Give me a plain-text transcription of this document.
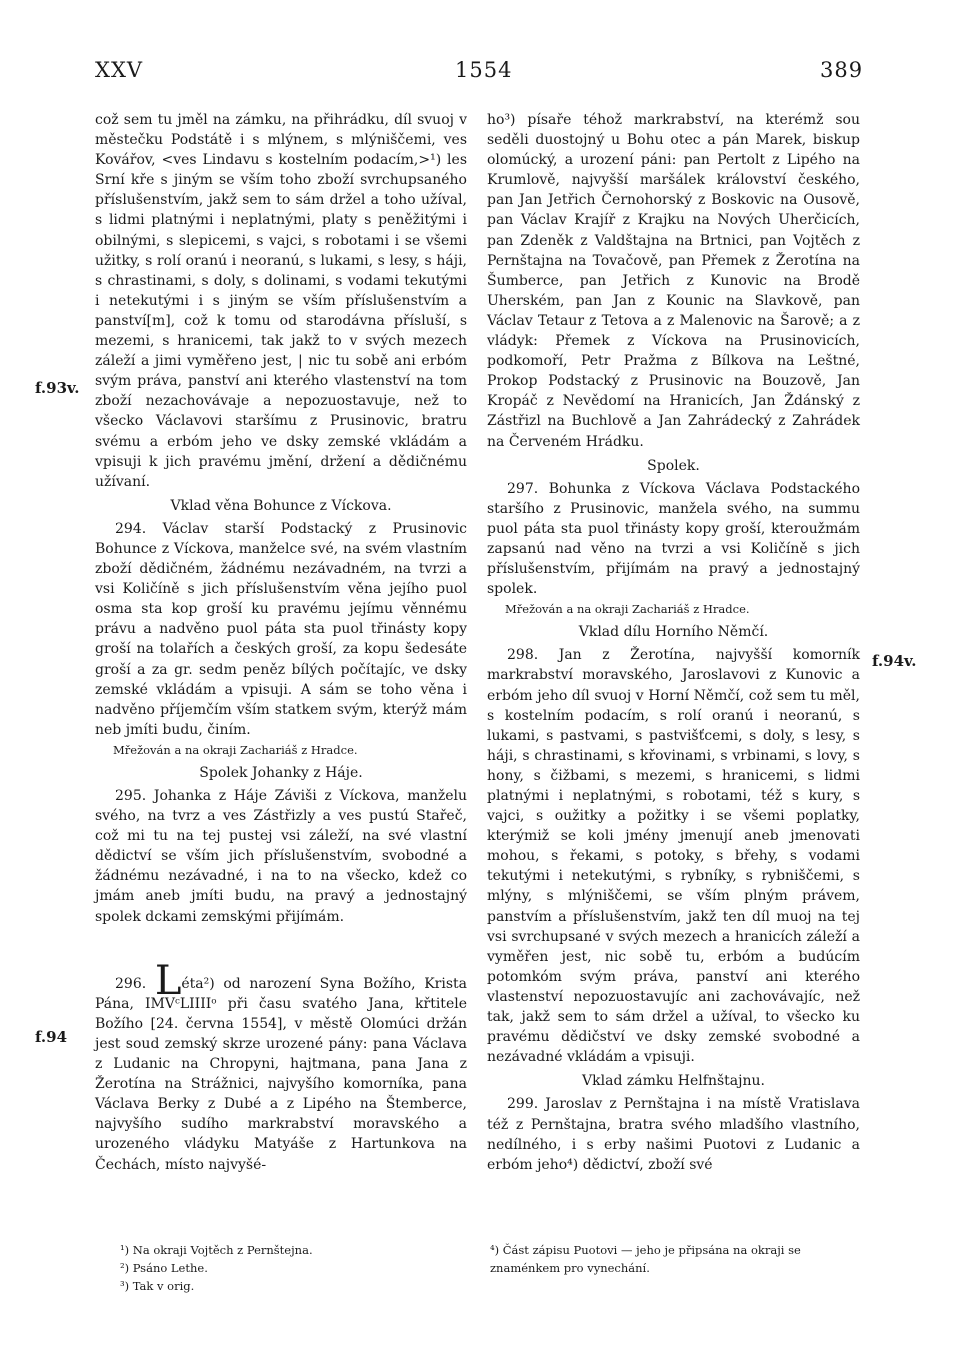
XXV	1554	389
f.93v.
f.94
f.94v.

což sem tu jměl na zámku, na přihrádku, díl svuoj v městečku Podstátě i s mlýnem, s mlýniščemi, ves Kovářov, <ves Lindavu s kostelním podacím,>¹) les Srní kře s jiným se vším toho zboží svrchupsaného příslušenstvím, jakž sem to sám držel a toho užíval, s lidmi platnými i neplatnými, platy s peněžitými i obilnými, s slepicemi, s vajci, s robotami i se všemi užitky, s rolí oranú i neoranú, s lukami, s lesy, s háji, s chrastinami, s doly, s dolinami, s vodami tekutými i netekutými i s jiným se vším příslušenstvím a panství[m], což k tomu od starodávna přísluší, s mezemi, s hranicemi, tak jakž to v svých mezech záleží a jimi vyměřeno jest, | nic tu sobě ani erbóm svým práva, panství ani kterého vlastenství na tom zboží nezachovávaje a nepozuostavuje, než to všecko Václavovi staršímu z Prusinovic, bratru svému a erbóm jeho ve dsky zemské vkládám a vpisuji k jich pravému jmění, držení a dědičnému užívaní.

Vklad věna Bohunce z Víckova.

294. Václav starší Podstacký z Prusinovic Bohunce z Víckova, manželce své, na svém vlastním zboží dědičném, žádnému nezávadném, na tvrzi a vsi Količíně s jich příslušenstvím věna jejího puol osma sta kop groší ku pravému jejímu věnnému právu a nadvěno puol páta sta puol třinásty kopy groší na tolařích a českých groší, za kopu šedesáte groší a za gr. sedm peněz bílých počítajíc, ve dsky zemské vkládám a vpisuji. A sám se toho věna i nadvěno příjemčím vším statkem svým, kterýž mám neb jmíti budu, činím.

Mřežován a na okraji Zachariáš z Hradce.

Spolek Johanky z Háje.

295. Johanka z Háje Záviši z Víckova, manželu svého, na tvrz a ves Zástřizly a ves pustú Stařeč, což mi tu na tej pustej vsi záleží, na své vlastní dědictví se vším jich příslušenstvím, svobodné a žádnému nezávadné, i na to na všecko, kdež co jmám aneb jmíti budu, na pravý a jednostajný spolek dckami zemskými přijímám.

296. Léta²) od narození Syna Božího, Krista Pána, IMVᶜLIIIIᵒ při času svatého Jana, křtitele Božího [24. června 1554], v městě Olomúci držán jest soud zemský skrze urozené pány: pana Václava z Ludanic na Chropyni, hajtmana, pana Jana z Žerotína na Strážnici, najvyšího komorníka, pana Václava Berky z Dubé a z Lipého na Štemberce, najvyšího sudího markrabství moravského a urozeného vládyku Matyáše z Hartunkova na Čechách, místo najvyšé-

ho³) písaře téhož markrabství, na kterémž sou seděli duostojný u Bohu otec a pán Marek, biskup olomúcký, a urození páni: pan Pertolt z Lipého na Krumlově, najvyšší maršálek království českého, pan Jan Jetřich Černohorský z Boskovic na Ousově, pan Václav Krajíř z Krajku na Nových Uherčicích, pan Zdeněk z Valdštajna na Brtnici, pan Vojtěch z Pernštajna na Tovačově, pan Přemek z Žerotína na Šumberce, pan Jetřich z Kunovic na Brodě Uherském, pan Jan z Kounic na Slavkově, pan Václav Tetaur z Tetova a z Malenovic na Šarově; a z vládyk: Přemek z Víckova na Prusinovicích, podkomoří, Petr Pražma z Bílkova na Leštné, Prokop Podstacký z Prusinovic na Bouzově, Jan Kropáč z Nevědomí na Hranicích, Jan Ždánský z Zástřizl na Buchlově a Jan Zahrádecký z Zahrádek na Červeném Hrádku.

Spolek.

297. Bohunka z Víckova Václava Podstackého staršího z Prusinovic, manžela svého, na summu puol páta sta puol třinásty kopy groší, kteroužmám zapsanú nad věno na tvrzi a vsi Količíně s jich příslušenstvím, přijímám na pravý a jednostajný spolek.

Mřežován a na okraji Zachariáš z Hradce.

Vklad dílu Horního Němčí.

298. Jan z Žerotína, najvyšší komorník markrabství moravského, Jaroslavovi z Kunovic a erbóm jeho díl svuoj v Horní Němčí, což sem tu měl, s kostelním podacím, s rolí oranú i neoranú, s lukami, s pastvami, s pastvišťcemi, s doly, s lesy, s háji, s chrastinami, s křovinami, s vrbinami, s lovy, s hony, s čižbami, s mezemi, s hranicemi, s lidmi platnými i neplatnými, s robotami, též s kury, s vajci, s oužitky a požitky i se všemi poplatky, kterýmiž se koli jmény jmenují aneb jmenovati mohou, s řekami, s potoky, s břehy, s vodami tekutými i netekutými, s rybníky, s rybniščemi, s mlýny, s mlýniščemi, se vším plným právem, panstvím a příslušenstvím, jakž ten díl muoj na tej vsi svrchupsané v svých mezech a hranicích záleží a vyměřen jest, nic sobě tu, erbóm a budúcím potomkóm svým práva, panství ani kterého vlastenství nepozuostavujíc ani zachovávajíc, než tak, jakž sem to sám držel a užíval, to všecko ku pravému dědičství ve dsky zemské svobodné a nezávadné vkládám a vpisuji.

Vklad zámku Helfnštajnu.

299. Jaroslav z Pernštajna i na místě Vratislava též z Pernštajna, bratra svého mladšího vlastního, nedílného, i s erby našimi Puotovi z Ludanic a erbóm jeho⁴) dědictví, zboží své

¹) Na okraji Vojtěch z Pernštejna.
²) Psáno Lethe.
³) Tak v orig.
⁴) Část zápisu Puotovi — jeho je připsána na okraji se znaménkem pro vynechání.
